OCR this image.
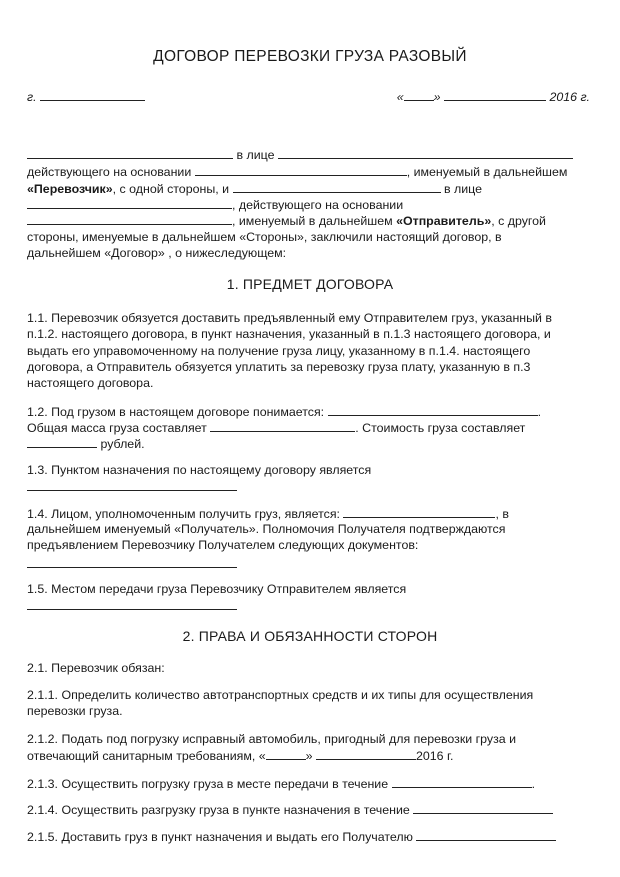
ДОГОВОР ПЕРЕВОЗКИ ГРУЗА РАЗОВЫЙ
г.	« »	2016 г.
в лице
действующего на основании	, именуемый в дальнейшем
«Перевозчик», с одной стороны, и	в лице
, действующего на основании
, именуемый в дальнейшем «Отправитель», с другой
стороны, именуемые в дальнейшем «Стороны», заключили настоящий договор, в
дальнейшем «Договор» , о нижеследующем:
1. ПРЕДМЕТ ДОГОВОРА
1.1. Перевозчик обязуется доставить предъявленный ему Отправителем груз, указанный в
п.1.2. настоящего договора, в пункт назначения, указанный в п.1.3 настоящего договора, и
выдать его управомоченному на получение груза лицу, указанному в п.1.4. настоящего
договора, а Отправитель обязуется уплатить за перевозку груза плату, указанную в п.3
настоящего договора.
1.2. Под грузом в настоящем договоре понимается:	.
Общая масса груза составляет	. Стоимость груза составляет
рублей.
1.3. Пунктом назначения по настоящему договору является
1.4. Лицом, уполномоченным получить груз, является:	, в
дальнейшем именуемый «Получатель». Полномочия Получателя подтверждаются
предъявлением Перевозчику Получателем следующих документов:
1.5. Местом передачи груза Перевозчику Отправителем является
2. ПРАВА И ОБЯЗАННОСТИ СТОРОН
2.1. Перевозчик обязан:
2.1.1. Определить количество автотранспортных средств и их типы для осуществления
перевозки груза.
2.1.2. Подать под погрузку исправный автомобиль, пригодный для перевозки груза и
отвечающий санитарным требованиям, «	»	2016 г.
2.1.3. Осуществить погрузку груза в месте передачи в течение	.
2.1.4. Осуществить разгрузку груза в пункте назначения в течение
2.1.5. Доставить груз в пункт назначения и выдать его Получателю
